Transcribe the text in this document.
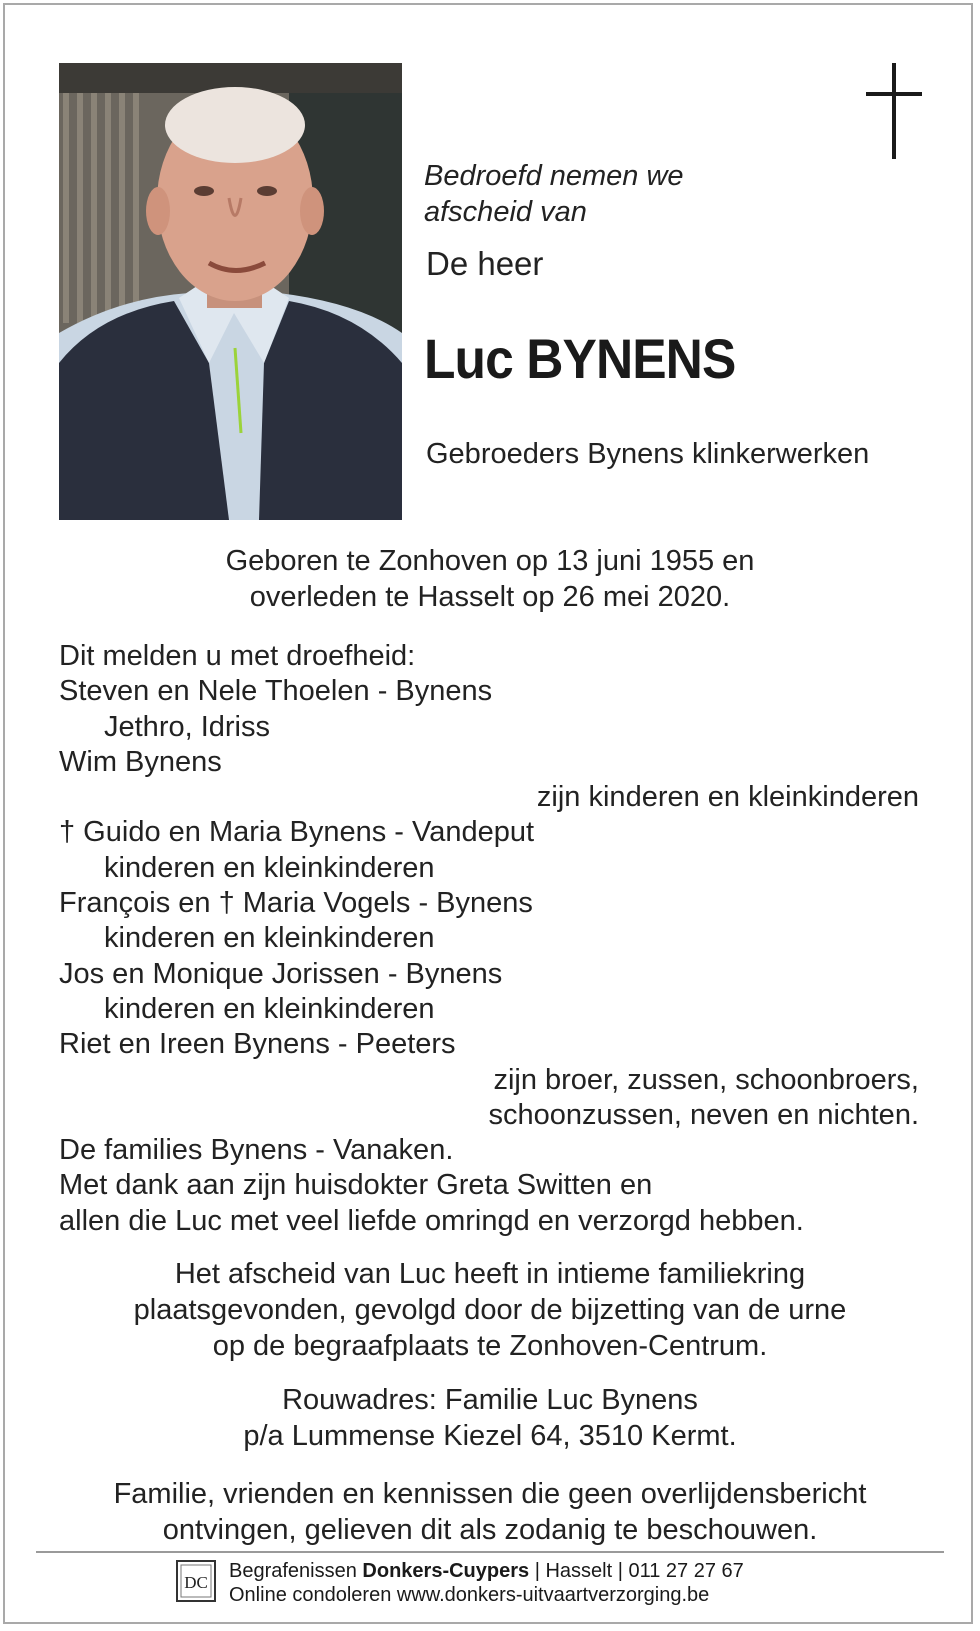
Bedroefd nemen we
afscheid van
De heer
Luc BYNENS
Gebroeders Bynens klinkerwerken
Geboren te Zonhoven op 13 juni 1955 en
overleden te Hasselt op 26 mei 2020.
Dit melden u met droefheid:
Steven en Nele Thoelen - Bynens
Jethro, Idriss
Wim Bynens
zijn kinderen en kleinkinderen
† Guido en Maria Bynens - Vandeput
kinderen en kleinkinderen
François en † Maria Vogels - Bynens
kinderen en kleinkinderen
Jos en Monique Jorissen - Bynens
kinderen en kleinkinderen
Riet en Ireen Bynens - Peeters
zijn broer, zussen, schoonbroers,
schoonzussen, neven en nichten.
De families Bynens - Vanaken.
Met dank aan zijn huisdokter Greta Switten en
allen die Luc met veel liefde omringd en verzorgd hebben.
Het afscheid van Luc heeft in intieme familiekring
plaatsgevonden, gevolgd door de bijzetting van de urne
op de begraafplaats te Zonhoven-Centrum.
Rouwadres: Familie Luc Bynens
p/a Lummense Kiezel 64, 3510 Kermt.
Familie, vrienden en kennissen die geen overlijdensbericht
ontvingen, gelieven dit als zodanig te beschouwen.
DC
Begrafenissen Donkers-Cuypers | Hasselt | 011 27 27 67
Online condoleren www.donkers-uitvaartverzorging.be
